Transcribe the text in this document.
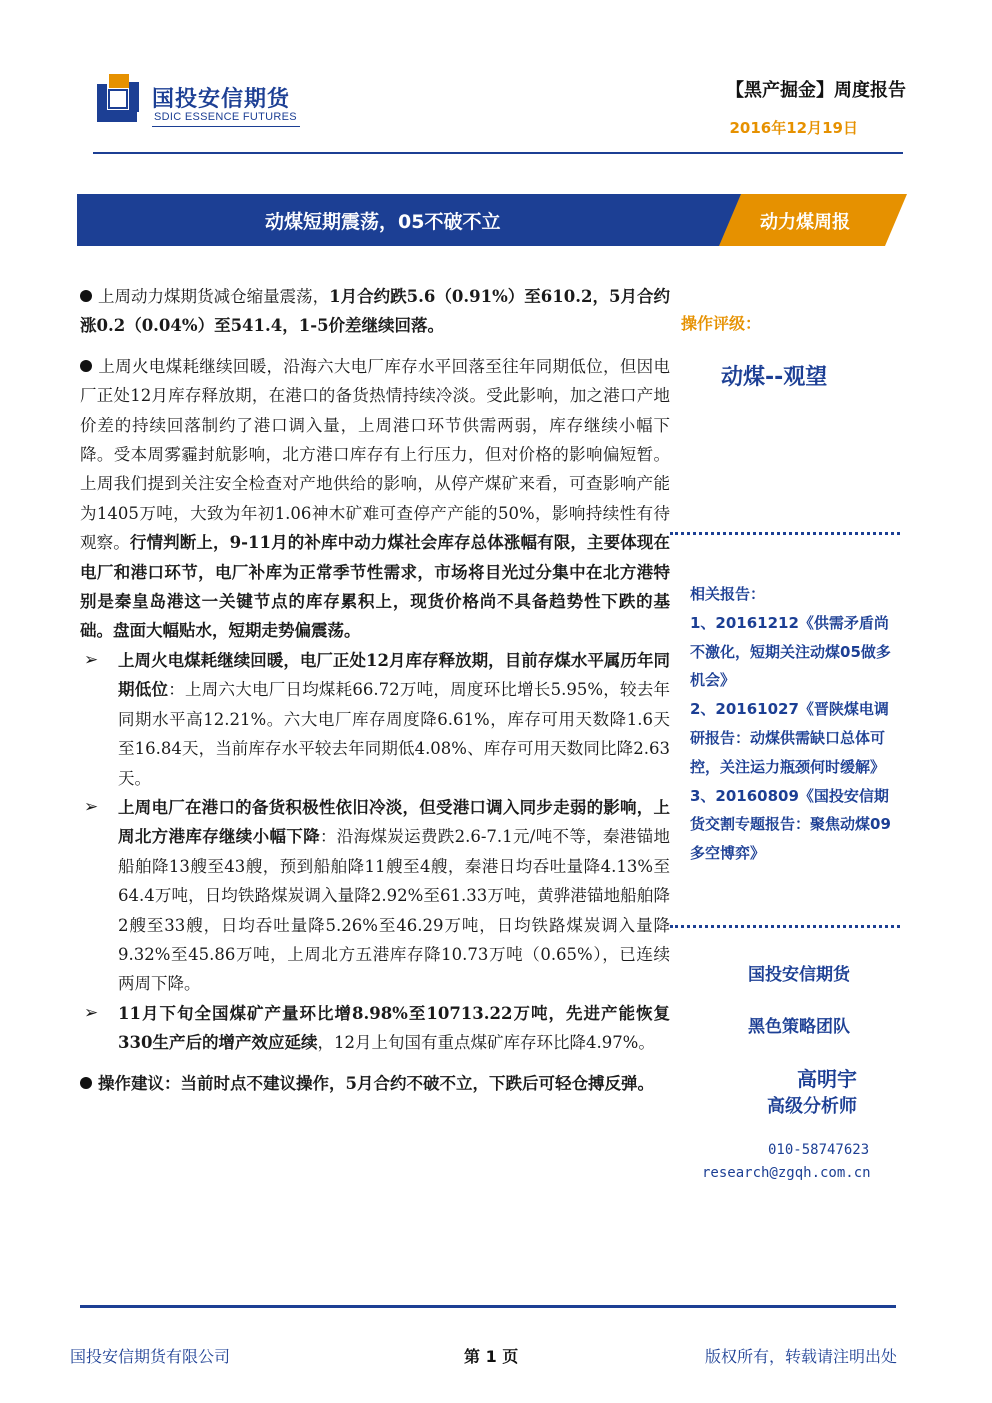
国投安信期货
SDIC ESSENCE FUTURES
【黑产掘金】周度报告
2016年12月19日
动煤短期震荡，05不破不立	动力煤周报

上周动力煤期货减仓缩量震荡，1月合约跌5.6（0.91%）至610.2，5月合约涨0.2（0.04%）至541.4，1-5价差继续回落。

上周火电煤耗继续回暖，沿海六大电厂库存水平回落至往年同期低位，但因电厂正处12月库存释放期，在港口的备货热情持续冷淡。受此影响，加之港口产地价差的持续回落制约了港口调入量，上周港口环节供需两弱，库存继续小幅下降。受本周雾霾封航影响，北方港口库存有上行压力，但对价格的影响偏短暂。上周我们提到关注安全检查对产地供给的影响，从停产煤矿来看，可查影响产能为1405万吨，大致为年初1.06神木矿难可查停产产能的50%，影响持续性有待观察。行情判断上，9-11月的补库中动力煤社会库存总体涨幅有限，主要体现在电厂和港口环节，电厂补库为正常季节性需求，市场将目光过分集中在北方港特别是秦皇岛港这一关键节点的库存累积上，现货价格尚不具备趋势性下跌的基础。盘面大幅贴水，短期走势偏震荡。

➢ 上周火电煤耗继续回暖，电厂正处12月库存释放期，目前存煤水平属历年同期低位：上周六大电厂日均煤耗66.72万吨，周度环比增长5.95%，较去年同期水平高12.21%。六大电厂库存周度降6.61%，库存可用天数降1.6天至16.84天，当前库存水平较去年同期低4.08%、库存可用天数同比降2.63天。

➢ 上周电厂在港口的备货积极性依旧冷淡，但受港口调入同步走弱的影响，上周北方港库存继续小幅下降：沿海煤炭运费跌2.6-7.1元/吨不等，秦港锚地船舶降13艘至43艘，预到船舶降11艘至4艘，秦港日均吞吐量降4.13%至64.4万吨，日均铁路煤炭调入量降2.92%至61.33万吨，黄骅港锚地船舶降2艘至33艘，日均吞吐量降5.26%至46.29万吨，日均铁路煤炭调入量降9.32%至45.86万吨，上周北方五港库存降10.73万吨（0.65%），已连续两周下降。

➢ 11月下旬全国煤矿产量环比增8.98%至10713.22万吨，先进产能恢复330生产后的增产效应延续，12月上旬国有重点煤矿库存环比降4.97%。

操作建议：当前时点不建议操作，5月合约不破不立，下跌后可轻仓搏反弹。

操作评级：
动煤--观望
相关报告：
1、20161212《供需矛盾尚不激化，短期关注动煤05做多机会》
2、20161027《晋陕煤电调研报告：动煤供需缺口总体可控，关注运力瓶颈何时缓解》
3、20160809《国投安信期货交割专题报告：聚焦动煤09多空博弈》
国投安信期货
黑色策略团队
高明宇
高级分析师
010-58747623
research@zgqh.com.cn
国投安信期货有限公司	第 1 页	版权所有，转载请注明出处
